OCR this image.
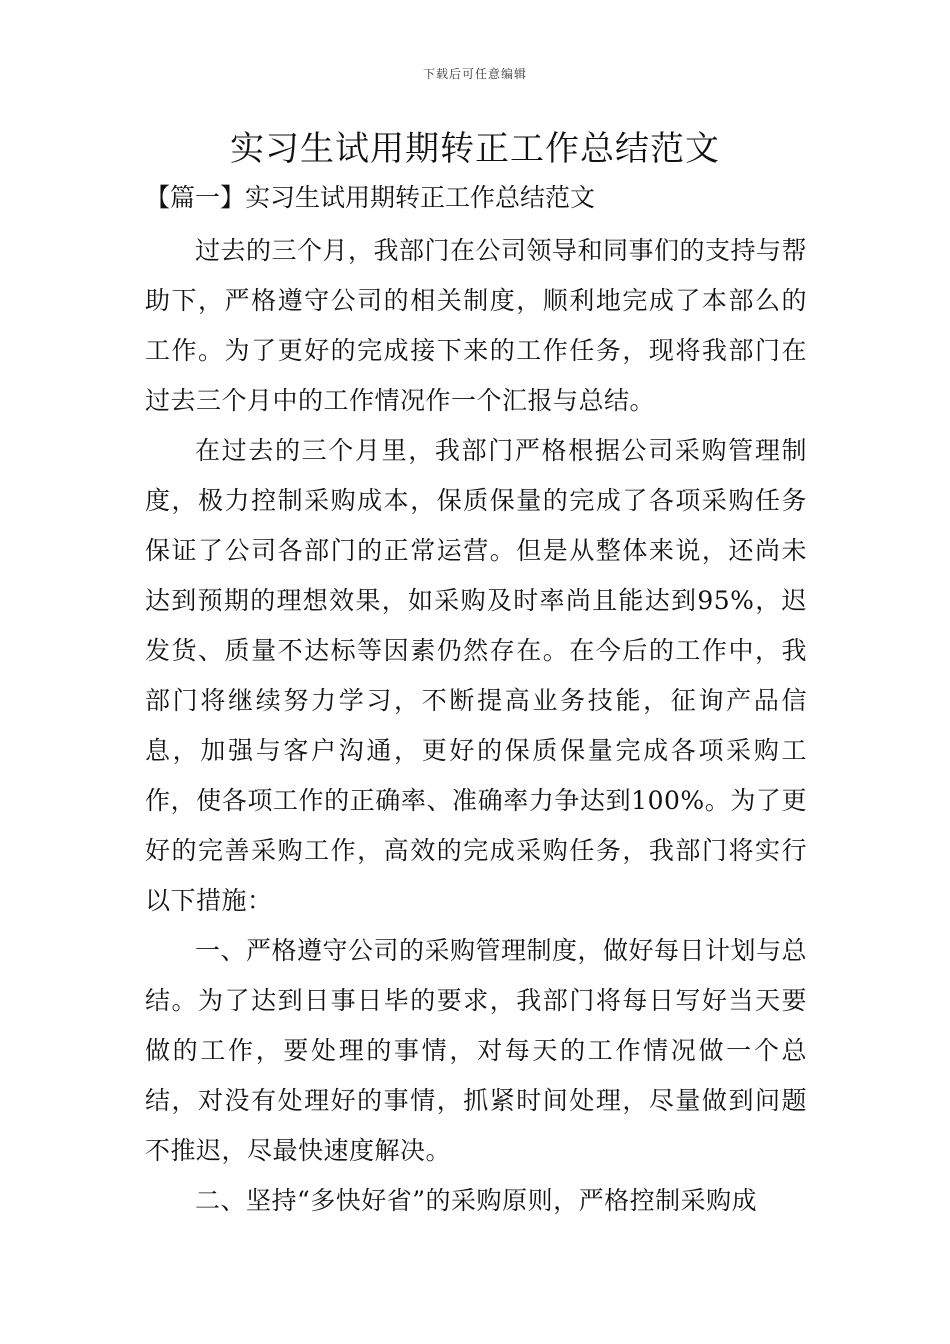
下载后可任意编辑
实习生试用期转正工作总结范文
【篇一】实习生试用期转正工作总结范文

过去的三个月，我部门在公司领导和同事们的支持与帮助下，严格遵守公司的相关制度，顺利地完成了本部么的工作。为了更好的完成接下来的工作任务，现将我部门在过去三个月中的工作情况作一个汇报与总结。

在过去的三个月里，我部门严格根据公司采购管理制度，极力控制采购成本，保质保量的完成了各项采购任务保证了公司各部门的正常运营。但是从整体来说，还尚未达到预期的理想效果，如采购及时率尚且能达到95%，迟发货、质量不达标等因素仍然存在。在今后的工作中，我部门将继续努力学习，不断提高业务技能，征询产品信息，加强与客户沟通，更好的保质保量完成各项采购工作，使各项工作的正确率、准确率力争达到100%。为了更好的完善采购工作，高效的完成采购任务，我部门将实行以下措施：

一、严格遵守公司的采购管理制度，做好每日计划与总结。为了达到日事日毕的要求，我部门将每日写好当天要做的工作，要处理的事情，对每天的工作情况做一个总结，对没有处理好的事情，抓紧时间处理，尽量做到问题不推迟，尽最快速度解决。

二、坚持“多快好省”的采购原则，严格控制采购成
